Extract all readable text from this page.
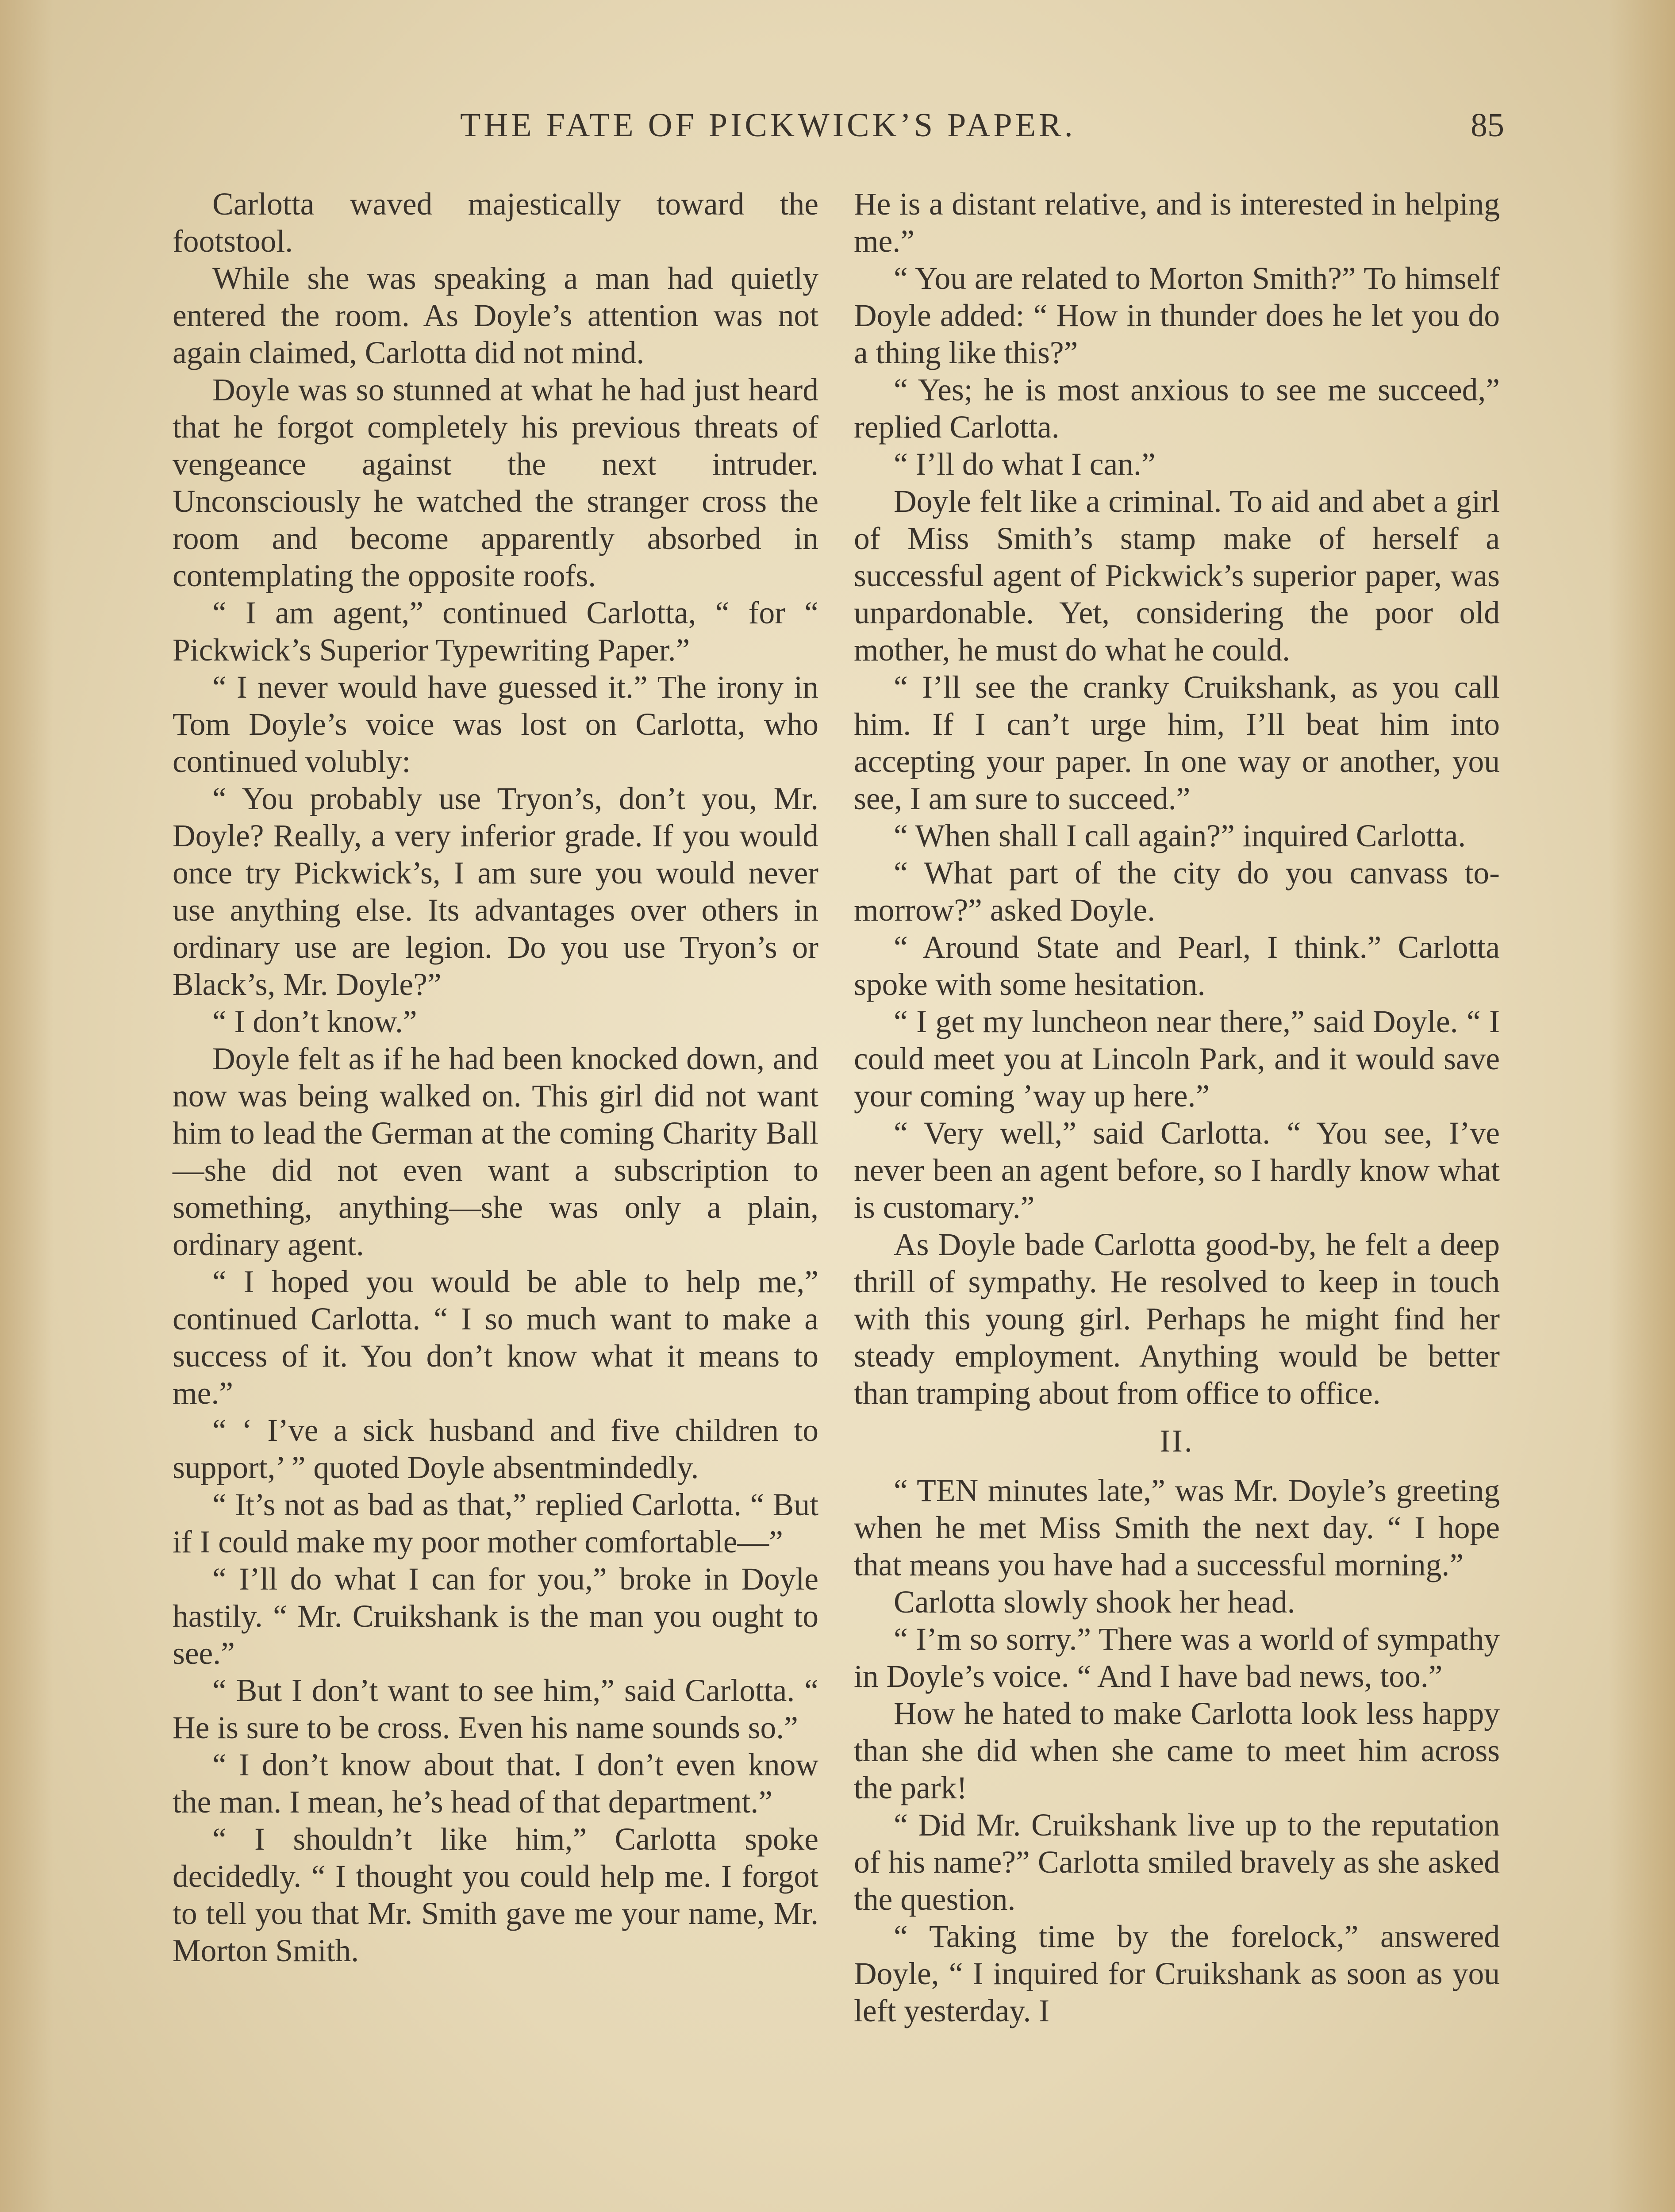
THE FATE OF PICKWICK’S PAPER.	85

Carlotta waved majestically toward the footstool.

While she was speaking a man had quietly entered the room. As Doyle’s attention was not again claimed, Carlotta did not mind.

Doyle was so stunned at what he had just heard that he forgot completely his previous threats of vengeance against the next intruder. Unconsciously he watched the stranger cross the room and become apparently absorbed in contemplating the opposite roofs.

“ I am agent,” continued Carlotta, “ for “ Pickwick’s Superior Typewriting Paper.”

“ I never would have guessed it.” The irony in Tom Doyle’s voice was lost on Carlotta, who continued volubly:

“ You probably use Tryon’s, don’t you, Mr. Doyle? Really, a very inferior grade. If you would once try Pickwick’s, I am sure you would never use anything else. Its advantages over others in ordinary use are legion. Do you use Tryon’s or Black’s, Mr. Doyle?”

“ I don’t know.”

Doyle felt as if he had been knocked down, and now was being walked on. This girl did not want him to lead the German at the coming Charity Ball—she did not even want a subscription to something, anything—she was only a plain, ordinary agent.

“ I hoped you would be able to help me,” continued Carlotta. “ I so much want to make a success of it. You don’t know what it means to me.”

“ ‘ I’ve a sick husband and five children to support,’ ” quoted Doyle absentmindedly.

“ It’s not as bad as that,” replied Carlotta. “ But if I could make my poor mother comfortable—”

“ I’ll do what I can for you,” broke in Doyle hastily. “ Mr. Cruikshank is the man you ought to see.”

“ But I don’t want to see him,” said Carlotta. “ He is sure to be cross. Even his name sounds so.”

“ I don’t know about that. I don’t even know the man. I mean, he’s head of that department.”

“ I shouldn’t like him,” Carlotta spoke decidedly. “ I thought you could help me. I forgot to tell you that Mr. Smith gave me your name, Mr. Morton Smith.

He is a distant relative, and is interested in helping me.”

“ You are related to Morton Smith?” To himself Doyle added: “ How in thunder does he let you do a thing like this?”

“ Yes; he is most anxious to see me succeed,” replied Carlotta.

“ I’ll do what I can.”

Doyle felt like a criminal. To aid and abet a girl of Miss Smith’s stamp make of herself a successful agent of Pickwick’s superior paper, was unpardonable. Yet, considering the poor old mother, he must do what he could.

“ I’ll see the cranky Cruikshank, as you call him. If I can’t urge him, I’ll beat him into accepting your paper. In one way or another, you see, I am sure to succeed.”

“ When shall I call again?” inquired Carlotta.

“ What part of the city do you canvass to-morrow?” asked Doyle.

“ Around State and Pearl, I think.” Carlotta spoke with some hesitation.

“ I get my luncheon near there,” said Doyle. “ I could meet you at Lincoln Park, and it would save your coming ’way up here.”

“ Very well,” said Carlotta. “ You see, I’ve never been an agent before, so I hardly know what is customary.”

As Doyle bade Carlotta good-by, he felt a deep thrill of sympathy. He resolved to keep in touch with this young girl. Perhaps he might find her steady employment. Anything would be better than tramping about from office to office.

II.

“ TEN minutes late,” was Mr. Doyle’s greeting when he met Miss Smith the next day. “ I hope that means you have had a successful morning.”

Carlotta slowly shook her head.

“ I’m so sorry.” There was a world of sympathy in Doyle’s voice. “ And I have bad news, too.”

How he hated to make Carlotta look less happy than she did when she came to meet him across the park!

“ Did Mr. Cruikshank live up to the reputation of his name?” Carlotta smiled bravely as she asked the question.

“ Taking time by the forelock,” answered Doyle, “ I inquired for Cruikshank as soon as you left yesterday. I
